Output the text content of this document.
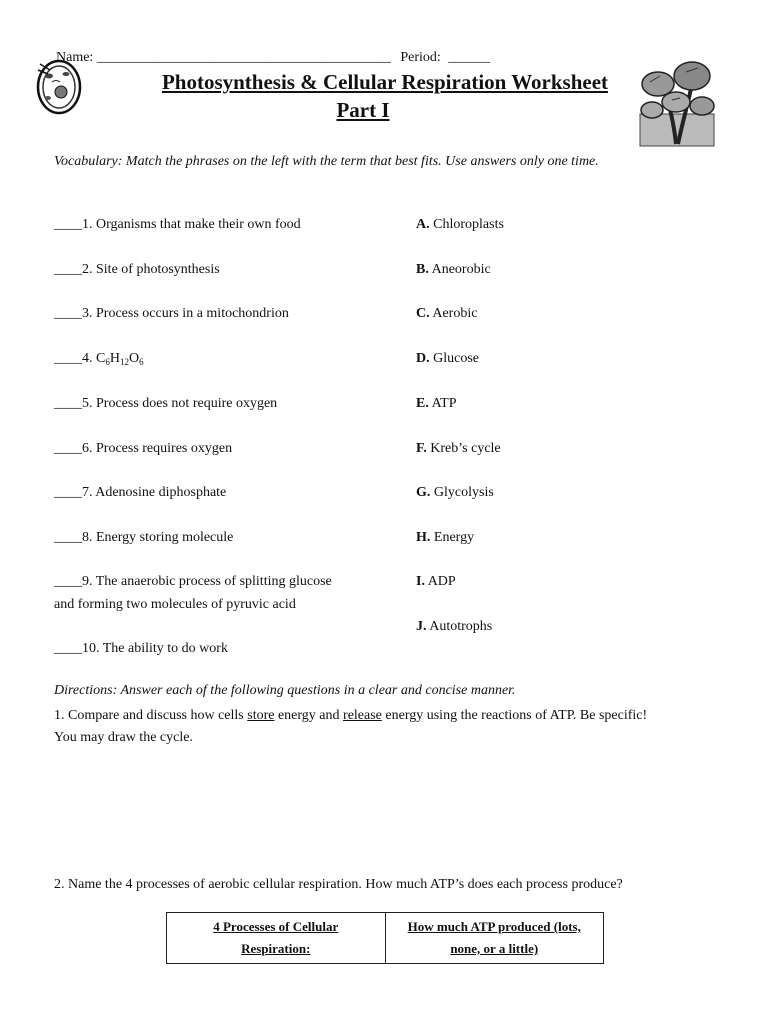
Name: __________________________________________ Period: ______
Photosynthesis & Cellular Respiration Worksheet
Part I
Vocabulary: Match the phrases on the left with the term that best fits. Use answers only one time.
____1. Organisms that make their own food
____2. Site of photosynthesis
____3. Process occurs in a mitochondrion
____4. $C_6H_{12}O_6$
____5. Process does not require oxygen
____6. Process requires oxygen
____7. Adenosine diphosphate
____8. Energy storing molecule
____9. The anaerobic process of splitting glucose
and forming two molecules of pyruvic acid
____10. The ability to do work
A. Chloroplasts
B. Aneorobic
C. Aerobic
D. Glucose
E. ATP
F. Kreb’s cycle
G. Glycolysis
H. Energy
I. ADP
J. Autotrophs
Directions: Answer each of the following questions in a clear and concise manner.
1. Compare and discuss how cells store energy and release energy using the reactions of ATP. Be specific!
You may draw the cycle.
2. Name the 4 processes of aerobic cellular respiration. How much ATP’s does each process produce?
4 Processes of Cellular
Respiration:	How much ATP produced (lots,
none, or a little)
